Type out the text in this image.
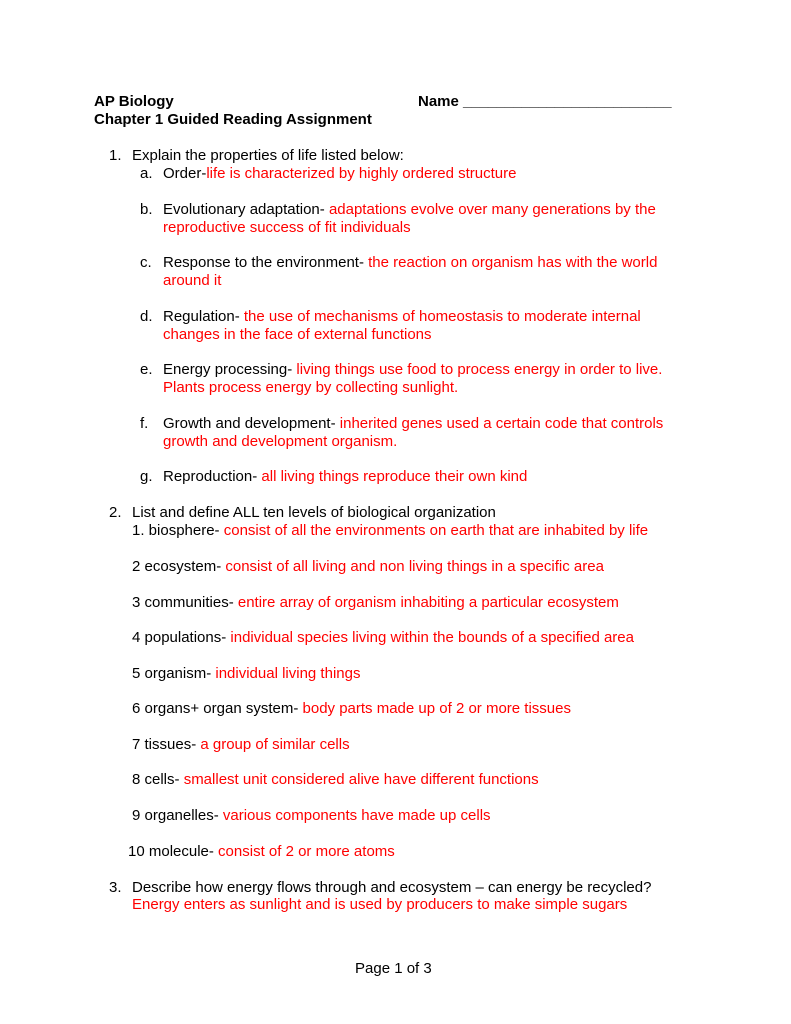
AP Biology
Chapter 1 Guided Reading Assignment
Name _________________________
1. Explain the properties of life listed below:
a. Order-life is characterized by highly ordered structure
b. Evolutionary adaptation- adaptations evolve over many generations by the
reproductive success of fit individuals
c. Response to the environment- the reaction on organism has with the world
around it
d. Regulation- the use of mechanisms of homeostasis to moderate internal
changes in the face of external functions
e. Energy processing- living things use food to process energy in order to live.
Plants process energy by collecting sunlight.
f. Growth and development- inherited genes used a certain code that controls
growth and development organism.
g. Reproduction- all living things reproduce their own kind
2. List and define ALL ten levels of biological organization
1. biosphere- consist of all the environments on earth that are inhabited by life
2 ecosystem- consist of all living and non living things in a specific area
3 communities- entire array of organism inhabiting a particular ecosystem
4 populations- individual species living within the bounds of a specified area
5 organism- individual living things
6 organs+ organ system- body parts made up of 2 or more tissues
7 tissues- a group of similar cells
8 cells- smallest unit considered alive have different functions
9 organelles- various components have made up cells
10 molecule- consist of 2 or more atoms
3. Describe how energy flows through and ecosystem – can energy be recycled?
Energy enters as sunlight and is used by producers to make simple sugars
Page 1 of 3
